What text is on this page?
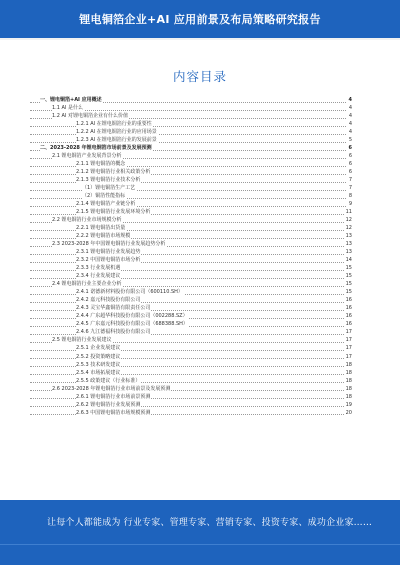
锂电铜箔企业+AI 应用前景及布局策略研究报告
内容目录
一、锂电铜箔+AI 应用概述	4
1.1 AI 是什么	4
1.2 AI 对锂电铜箔企业有什么价值	4
1.2.1 AI 在锂电铜箔行业的重要性	4
1.2.2 AI 在锂电铜箔行业的应用场景	4
1.2.3 AI 在锂电铜箔行业的发展前景	5
二、2023-2028 年锂电铜箔市场前景及发展预测	6
2.1 锂电铜箔产业发展背景分析	6
2.1.1 锂电铜箔的概念	6
2.1.2 锂电铜箔行业相关政策分析	6
2.1.3 锂电铜箔行业技术分析	7
（1）锂电铜箔生产工艺	7
（2）铜箔性能指标	8
2.1.4 锂电铜箔产业链分析	9
2.1.5 锂电铜箔行业发展环境分析	11
2.2 锂电铜箔行业市场规模分析	12
2.2.1 锂电铜箔出货量	12
2.2.2 锂电铜箔市场规模	13
2.3 2023-2028 年中国锂电铜箔行业发展趋势分析	13
2.3.1 锂电铜箔行业发展趋势	13
2.3.2 中国锂电铜箔市场分析	14
2.3.3 行业发展机遇	15
2.3.4 行业发展建议	15
2.4 锂电铜箔行业主要企业分析	15
2.4.1 诺德新材料股份有限公司（600110.SH）	15
2.4.2 嘉元科技股份有限公司	16
2.4.3 灵宝华鑫铜箔有限责任公司	16
2.4.4 广东超华科技股份有限公司（002288.SZ）	16
2.4.5 广东嘉元科技股份有限公司（688388.SH）	16
2.4.6 九江德福科技股份有限公司	17
2.5 锂电铜箔行业发展建议	17
2.5.1 企业发展建议	17
2.5.2 投资策略建议	17
2.5.3 技术研发建议	18
2.5.4 市场拓展建议	18
2.5.5 政策建议（行业标准）	18
2.6 2023-2028 年锂电铜箔行业市场前景及发展预测	18
2.6.1 锂电铜箔行业市场前景预测	18
2.6.2 锂电铜箔行业发展预测	19
2.6.3 中国锂电铜箔市场规模预测	20
让每个人都能成为 行业专家、管理专家、营销专家、投资专家、成功企业家……
